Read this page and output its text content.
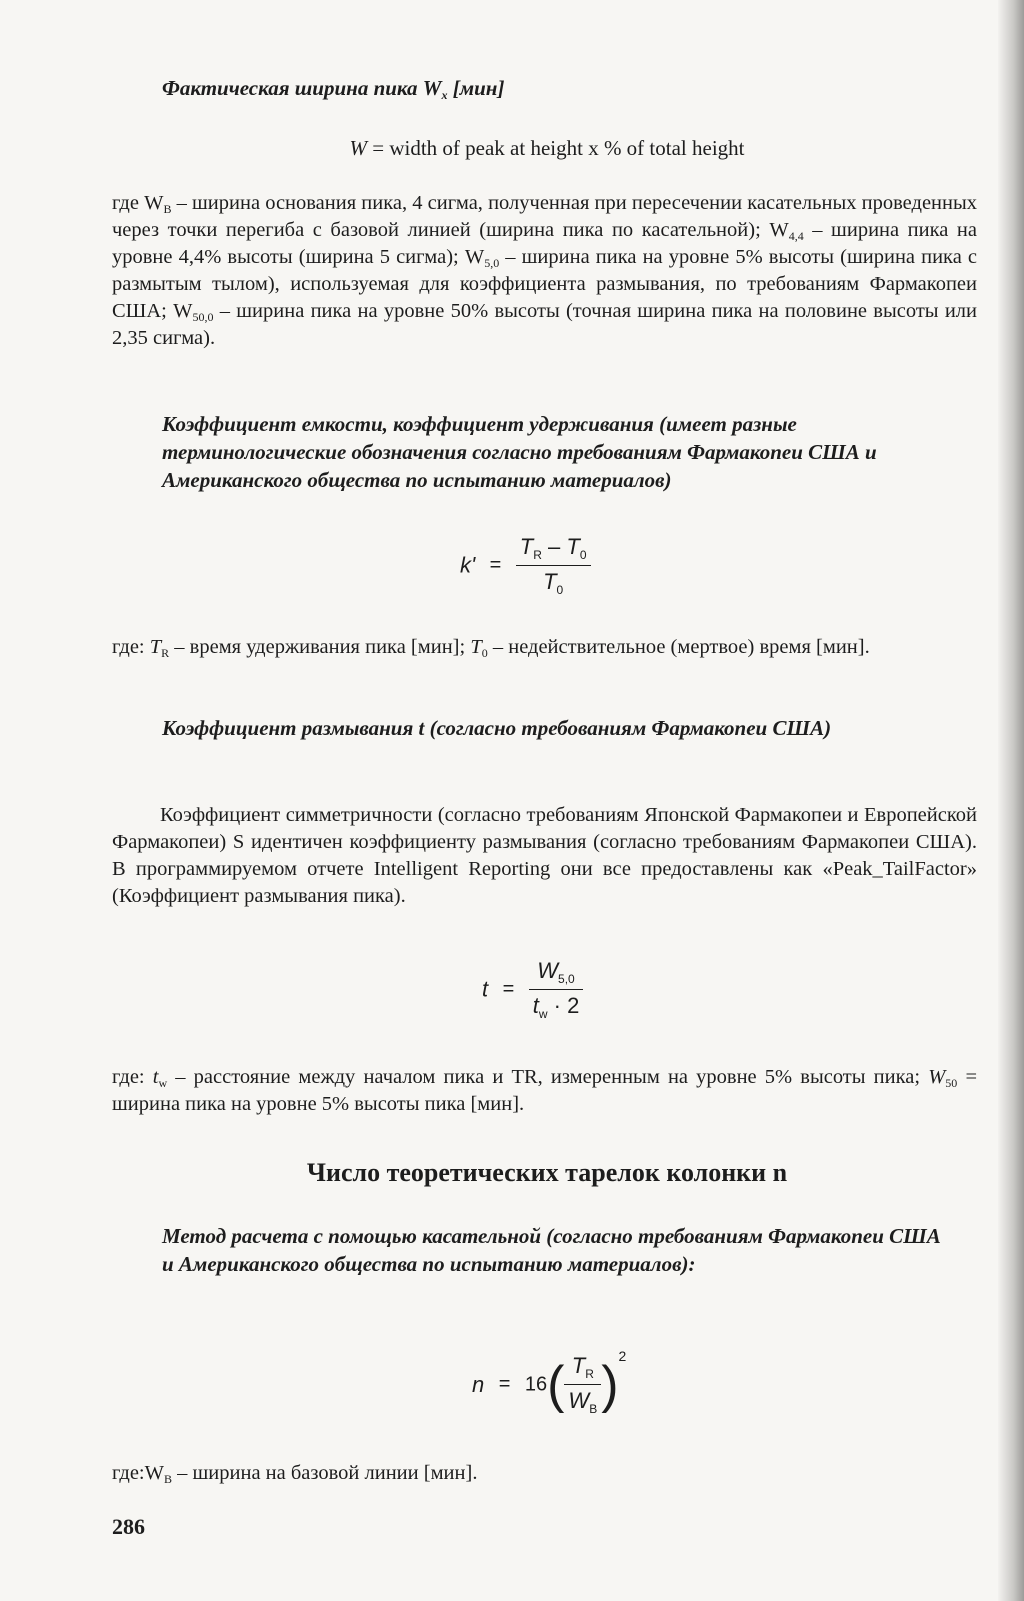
Фактическая ширина пика $W_x$ [мин]

W = width of peak at height x % of total height

где $W_B$ – ширина основания пика, 4 сигма, полученная при пересечении касательных проведенных через точки перегиба с базовой линией (ширина пика по касательной); $W_{4,4}$ – ширина пика на уровне 4,4% высоты (ширина 5 сигма); $W_{5,0}$ – ширина пика на уровне 5% высоты (ширина пика с размытым тылом), используемая для коэффициента размывания, по требованиям Фармакопеи США; $W_{50,0}$ – ширина пика на уровне 50% высоты (точная ширина пика на половине высоты или 2,35 сигма).

Коэффициент емкости, коэффициент удерживания (имеет разные терминологические обозначения согласно требованиям Фармакопеи США и Американского общества по испытанию материалов)

$k' = \frac{T_R - T_0}{T_0}$

где: $T_R$ – время удерживания пика [мин]; $T_0$ – недействительное (мертвое) время [мин].

Коэффициент размывания t (согласно требованиям Фармакопеи США)

Коэффициент симметричности (согласно требованиям Японской Фармакопеи и Европейской Фармакопеи) S идентичен коэффициенту размывания (согласно требованиям Фармакопеи США). В программируемом отчете Intelligent Reporting они все предоставлены как «Peak_TailFactor» (Коэффициент размывания пика).

$t = \frac{W_{5,0}}{t_w \cdot 2}$

где: $t_w$ – расстояние между началом пика и TR, измеренным на уровне 5% высоты пика; $W_{50}$ = ширина пика на уровне 5% высоты пика [мин].

Число теоретических тарелок колонки n

Метод расчета с помощью касательной (согласно требованиям Фармакопеи США и Американского общества по испытанию материалов):

$n = 16( \frac{T_R}{W_B} )^2$

$где:W_B$ – ширина на базовой линии [мин].

286
